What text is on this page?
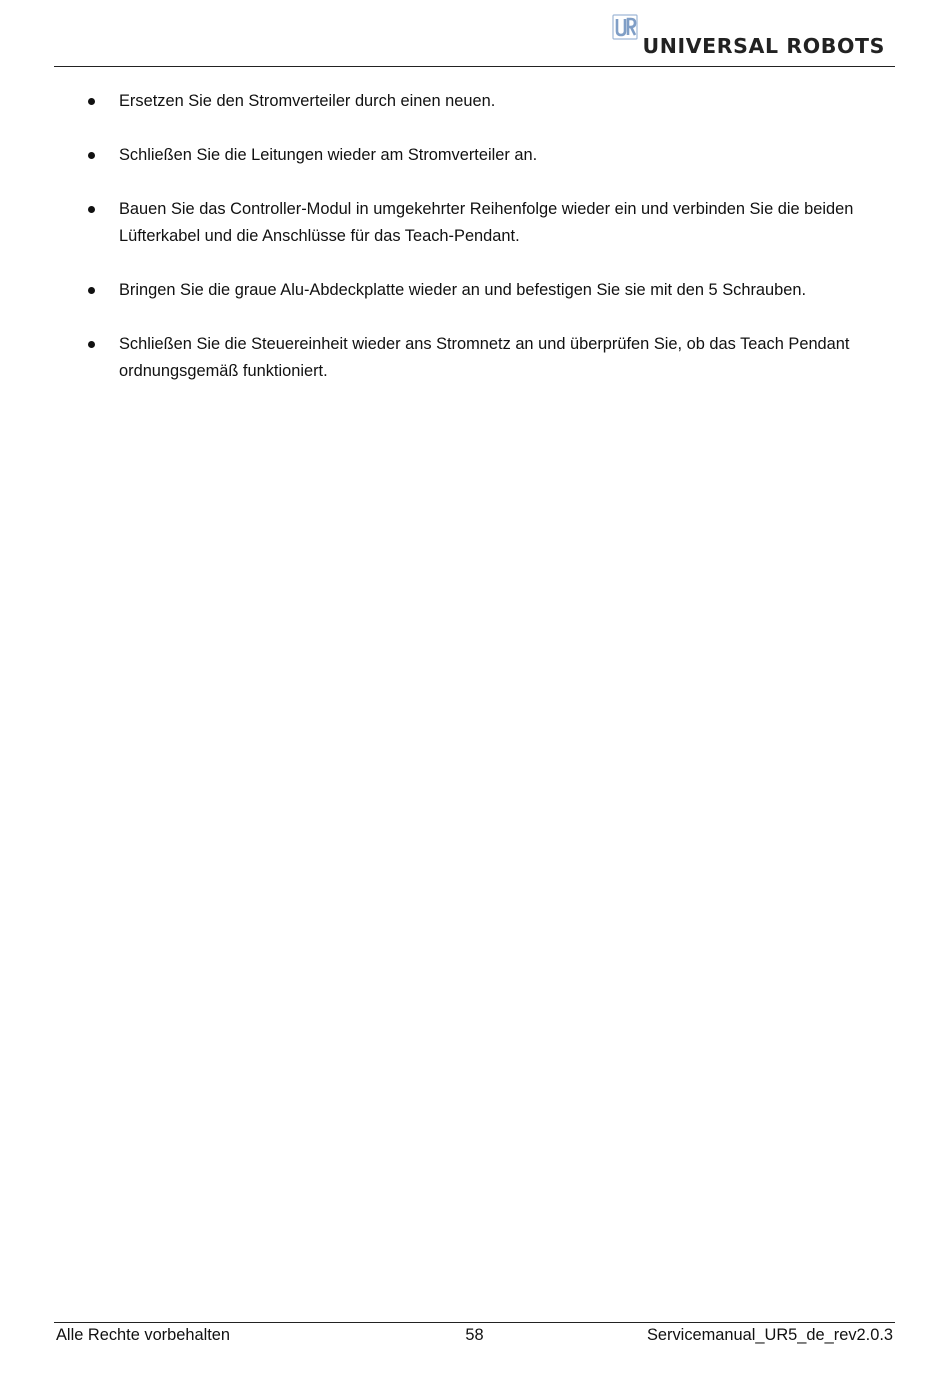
UNIVERSAL ROBOTS
Ersetzen Sie den Stromverteiler durch einen neuen.
Schließen Sie die Leitungen wieder am Stromverteiler an.
Bauen Sie das Controller-Modul in umgekehrter Reihenfolge wieder ein und verbinden Sie die beiden Lüfterkabel und die Anschlüsse für das Teach-Pendant.
Bringen Sie die graue Alu-Abdeckplatte wieder an und befestigen Sie sie mit den 5 Schrauben.
Schließen Sie die Steuereinheit wieder ans Stromnetz an und überprüfen Sie, ob das Teach Pendant ordnungsgemäß funktioniert.
Alle Rechte vorbehalten	58	Servicemanual_UR5_de_rev2.0.3
